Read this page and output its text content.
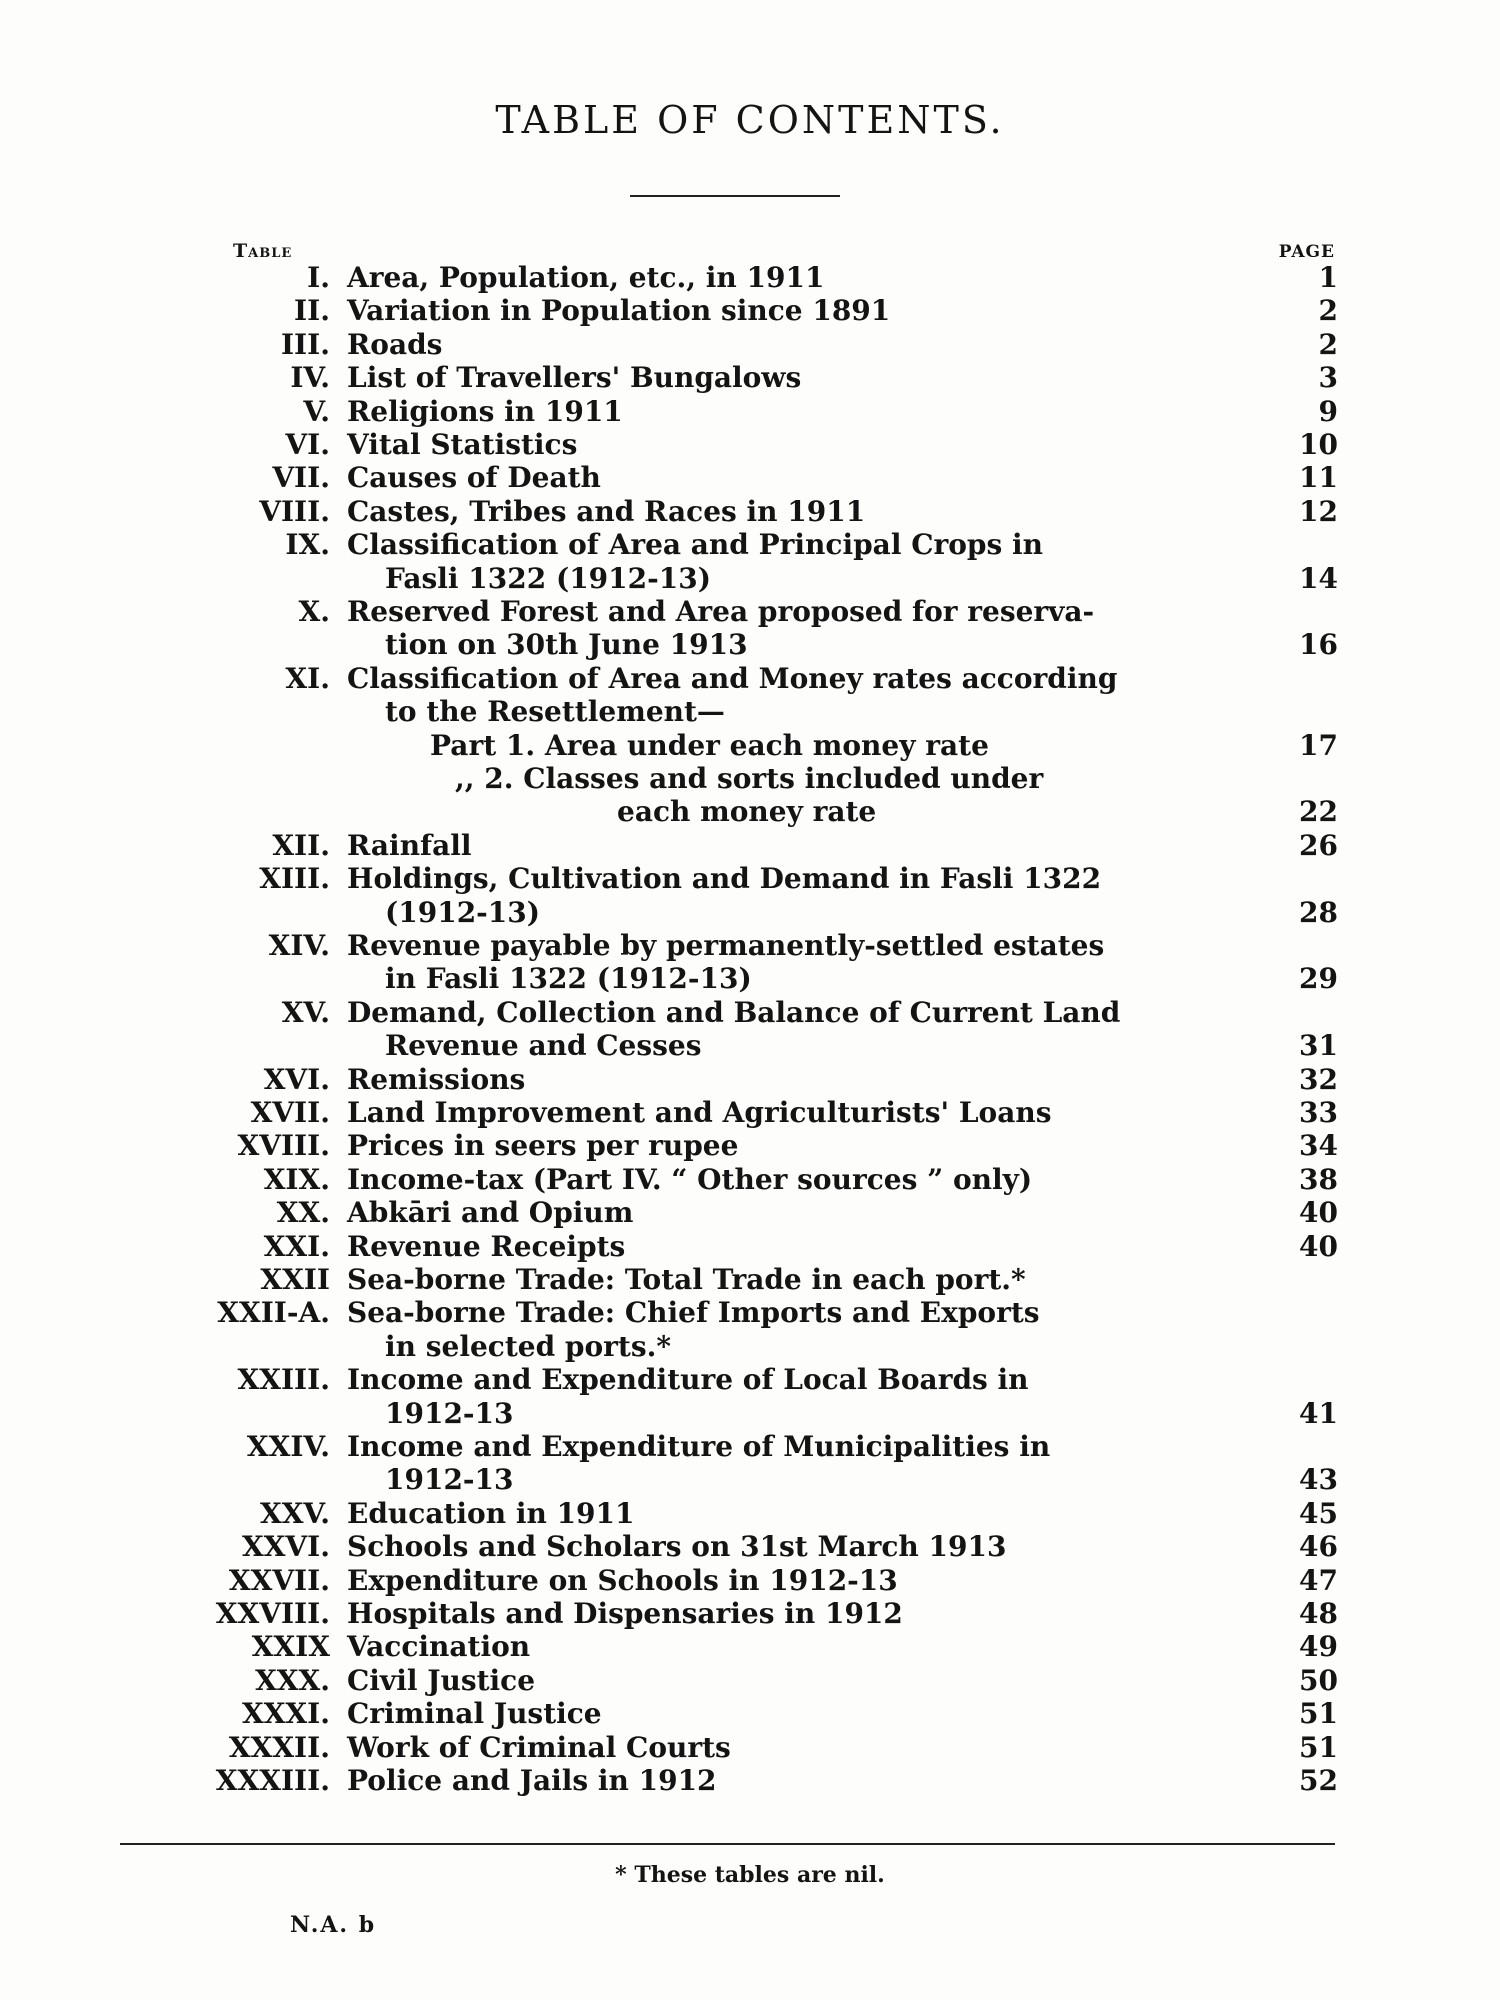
TABLE OF CONTENTS.
Table	PAGE
I. Area, Population, etc., in 1911	1
II. Variation in Population since 1891	2
III. Roads	2
IV. List of Travellers' Bungalows	3
V. Religions in 1911	9
VI. Vital Statistics	10
VII. Causes of Death	11
VIII. Castes, Tribes and Races in 1911	12
IX. Classification of Area and Principal Crops in
Fasli 1322 (1912-13)	14
X. Reserved Forest and Area proposed for reserva-
tion on 30th June 1913	16
XI. Classification of Area and Money rates according
to the Resettlement—
Part 1. Area under each money rate	17
,, 2. Classes and sorts included under
each money rate	22
XII. Rainfall	26
XIII. Holdings, Cultivation and Demand in Fasli 1322
(1912-13)	28
XIV. Revenue payable by permanently-settled estates
in Fasli 1322 (1912-13)	29
XV. Demand, Collection and Balance of Current Land
Revenue and Cesses	31
XVI. Remissions	32
XVII. Land Improvement and Agriculturists' Loans	33
XVIII. Prices in seers per rupee	34
XIX. Income-tax (Part IV. “ Other sources ” only)	38
XX. Abkāri and Opium	40
XXI. Revenue Receipts	40
XXII Sea-borne Trade: Total Trade in each port.*
XXII-A. Sea-borne Trade: Chief Imports and Exports
in selected ports.*
XXIII. Income and Expenditure of Local Boards in
1912-13	41
XXIV. Income and Expenditure of Municipalities in
1912-13	43
XXV. Education in 1911	45
XXVI. Schools and Scholars on 31st March 1913	46
XXVII. Expenditure on Schools in 1912-13	47
XXVIII. Hospitals and Dispensaries in 1912	48
XXIX Vaccination	49
XXX. Civil Justice	50
XXXI. Criminal Justice	51
XXXII. Work of Criminal Courts	51
XXXIII. Police and Jails in 1912	52
* These tables are nil.
N.A. b
